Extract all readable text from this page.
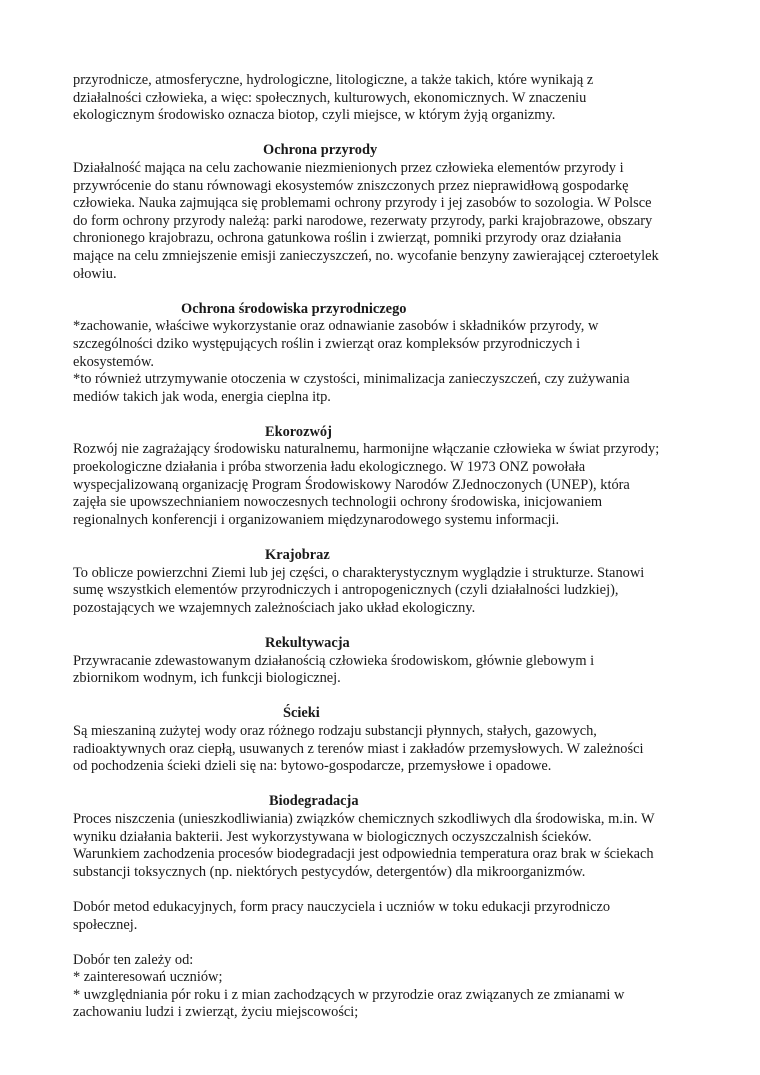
przyrodnicze, atmosferyczne, hydrologiczne, litologiczne, a także takich, które wynikają z
działalności człowieka, a więc: społecznych, kulturowych, ekonomicznych. W znaczeniu
ekologicznym środowisko oznacza biotop, czyli miejsce, w którym żyją organizmy.
Ochrona przyrody
Działalność mająca na celu zachowanie niezmienionych przez człowieka elementów przyrody i
przywrócenie do stanu równowagi ekosystemów zniszczonych przez nieprawidłową gospodarkę
człowieka. Nauka zajmująca się problemami ochrony przyrody i jej zasobów to sozologia. W Polsce
do form ochrony przyrody należą: parki narodowe, rezerwaty przyrody, parki krajobrazowe, obszary
chronionego krajobrazu, ochrona gatunkowa roślin i zwierząt, pomniki przyrody oraz działania
mające na celu zmniejszenie emisji zanieczyszczeń, no. wycofanie benzyny zawierającej czteroetylek
ołowiu.
Ochrona środowiska przyrodniczego
*zachowanie, właściwe wykorzystanie oraz odnawianie zasobów i składników przyrody, w
szczególności dziko występujących roślin i zwierząt oraz kompleksów przyrodniczych i
ekosystemów.
*to również utrzymywanie otoczenia w czystości, minimalizacja zanieczyszczeń, czy zużywania
mediów takich jak woda, energia cieplna itp.
Ekorozwój
Rozwój nie zagrażający środowisku naturalnemu, harmonijne włączanie człowieka w świat przyrody;
proekologiczne działania i próba stworzenia ładu ekologicznego. W 1973 ONZ powołała
wyspecjalizowaną organizację Program Środowiskowy Narodów ZJednoczonych (UNEP), która
zajęła sie upowszechnianiem nowoczesnych technologii ochrony środowiska, inicjowaniem
regionalnych konferencji i organizowaniem międzynarodowego systemu informacji.
Krajobraz
To oblicze powierzchni Ziemi lub jej części, o charakterystycznym wyglądzie i strukturze. Stanowi
sumę wszystkich elementów przyrodniczych i antropogenicznych (czyli działalności ludzkiej),
pozostających we wzajemnych zależnościach jako układ ekologiczny.
Rekultywacja
Przywracanie zdewastowanym działanością człowieka środowiskom, głównie glebowym i
zbiornikom wodnym, ich funkcji biologicznej.
Ścieki
Są mieszaniną zużytej wody oraz różnego rodzaju substancji płynnych, stałych, gazowych,
radioaktywnych oraz ciepłą, usuwanych z terenów miast i zakładów przemysłowych. W zależności
od pochodzenia ścieki dzieli się na: bytowo-gospodarcze, przemysłowe i opadowe.
Biodegradacja
Proces niszczenia (unieszkodliwiania) związków chemicznych szkodliwych dla środowiska, m.in. W
wyniku działania bakterii. Jest wykorzystywana w biologicznych oczyszczalnish ścieków.
Warunkiem zachodzenia procesów biodegradacji jest odpowiednia temperatura oraz brak w ściekach
substancji toksycznych (np. niektórych pestycydów, detergentów) dla mikroorganizmów.
Dobór metod edukacyjnych, form pracy nauczyciela i uczniów w toku edukacji przyrodniczo
społecznej.
Dobór ten zależy od:
* zainteresowań uczniów;
* uwzględniania pór roku i z mian zachodzących w przyrodzie oraz związanych ze zmianami w
zachowaniu ludzi i zwierząt, życiu miejscowości;
